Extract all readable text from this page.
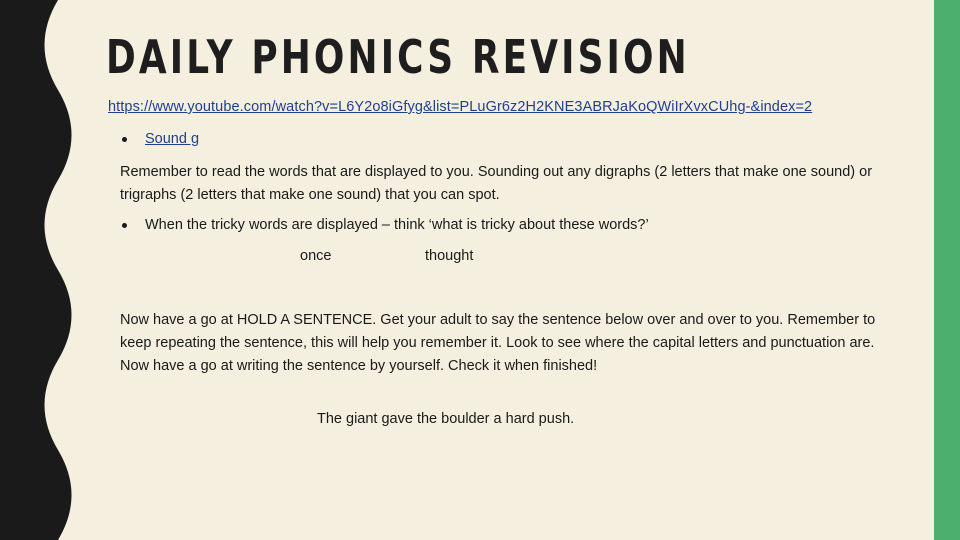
DAILY PHONICS REVISION
https://www.youtube.com/watch?v=L6Y2o8iGfyg&list=PLuGr6z2H2KNE3ABRJaKoQWiIrXvxCUhg-&index=2
Sound g
Remember to read the words that are displayed to you. Sounding out any digraphs (2 letters that make one sound) or trigraphs (2 letters that make one sound) that you can spot.
When the tricky words are displayed – think ‘what is tricky about these words?’
once	thought
Now have a go at HOLD A SENTENCE. Get your adult to say the sentence below over and over to you. Remember to keep repeating the sentence, this will help you remember it. Look to see where the capital letters and punctuation are. Now have a go at writing the sentence by yourself. Check it when finished!
The giant gave the boulder a hard push.
